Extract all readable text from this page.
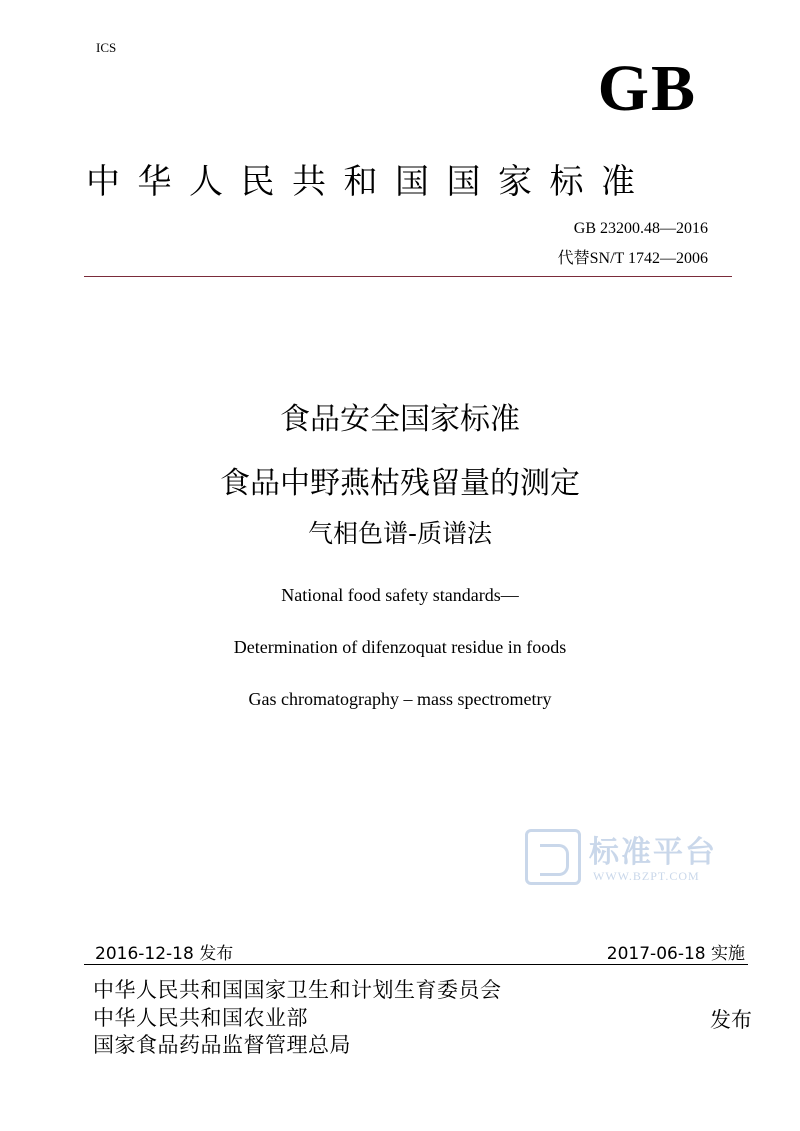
ICS
GB
中华人民共和国国家标准
GB 23200.48—2016
代替SN/T 1742—2006
食品安全国家标准
食品中野燕枯残留量的测定
气相色谱-质谱法
National food safety standards—
Determination of difenzoquat residue in foods
Gas chromatography – mass spectrometry
标准平台
WWW.BZPT.COM
2016-12-18 发布	2017-06-18 实施
中华人民共和国国家卫生和计划生育委员会
中华人民共和国农业部
国家食品药品监督管理总局
发布
